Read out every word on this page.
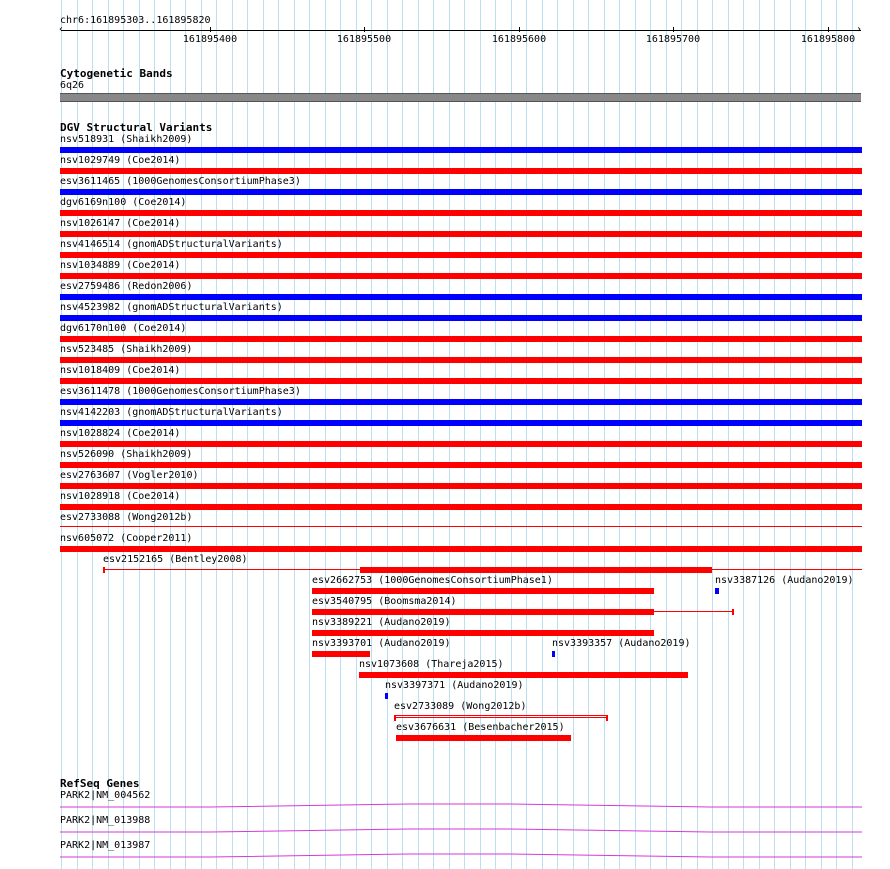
chr6:161895303..161895820
‹	›
161895400	161895500	161895600	161895700	161895800
Cytogenetic Bands
6q26
DGV Structural Variants
nsv518931 (Shaikh2009)
nsv1029749 (Coe2014)
esv3611465 (1000GenomesConsortiumPhase3)
dgv6169n100 (Coe2014)
nsv1026147 (Coe2014)
nsv4146514 (gnomADStructuralVariants)
nsv1034889 (Coe2014)
esv2759486 (Redon2006)
nsv4523982 (gnomADStructuralVariants)
dgv6170n100 (Coe2014)
nsv523485 (Shaikh2009)
nsv1018409 (Coe2014)
esv3611478 (1000GenomesConsortiumPhase3)
nsv4142203 (gnomADStructuralVariants)
nsv1028824 (Coe2014)
nsv526090 (Shaikh2009)
esv2763607 (Vogler2010)
nsv1028918 (Coe2014)
esv2733088 (Wong2012b)
nsv605072 (Cooper2011)
esv2152165 (Bentley2008)
esv2662753 (1000GenomesConsortiumPhase1)	nsv3387126 (Audano2019)
esv3540795 (Boomsma2014)
nsv3389221 (Audano2019)
nsv3393701 (Audano2019)	nsv3393357 (Audano2019)
nsv1073608 (Thareja2015)
nsv3397371 (Audano2019)
esv2733089 (Wong2012b)
esv3676631 (Besenbacher2015)
RefSeq Genes
PARK2|NM_004562
PARK2|NM_013988
PARK2|NM_013987
